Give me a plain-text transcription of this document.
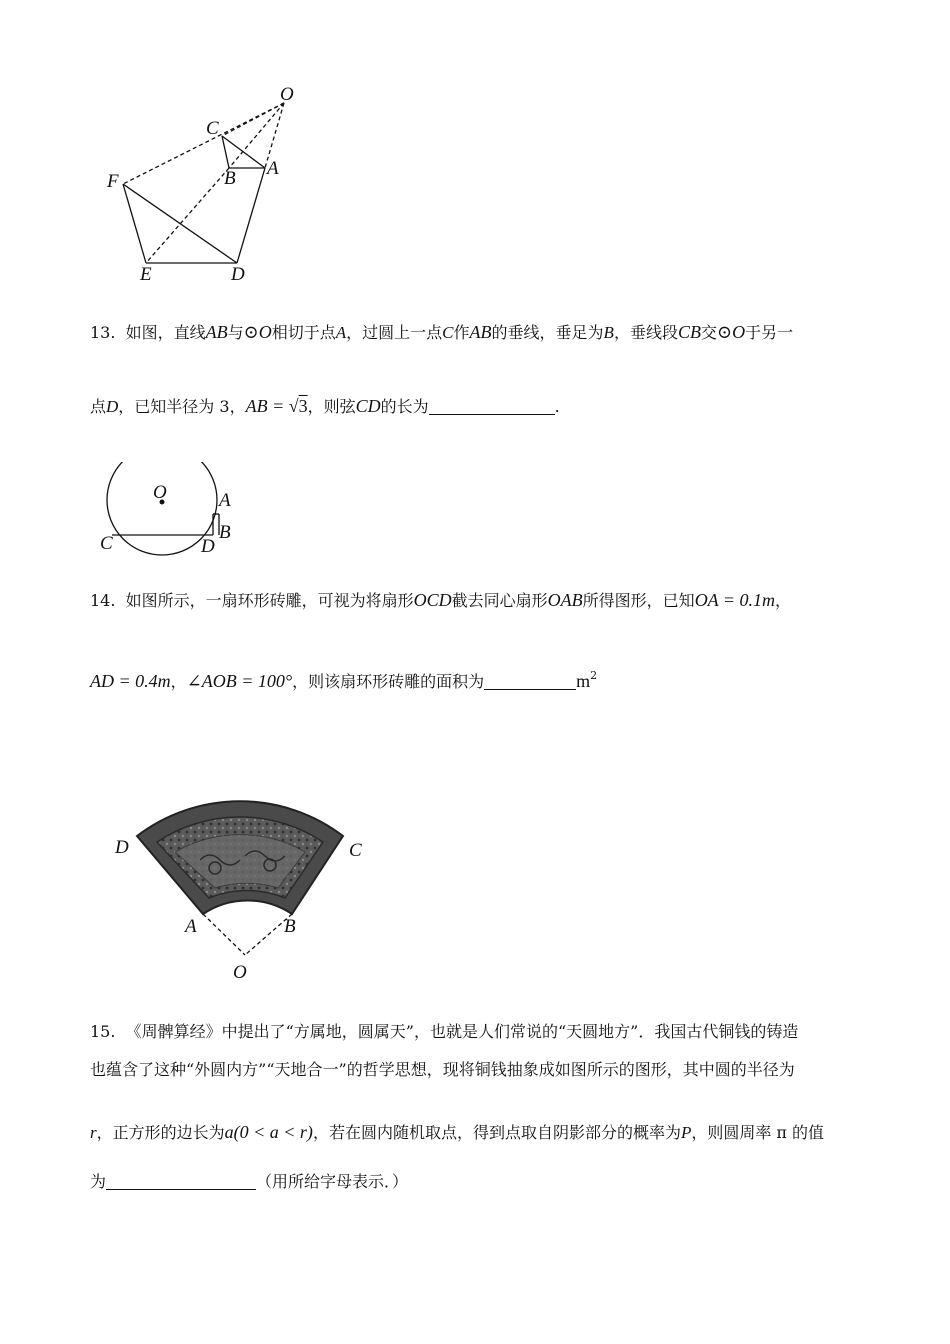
O
C
B A
F
E	D
13. 如图，直线AB与⊙O相切于点A，过圆上一点C作AB的垂线，垂足为B，垂线段CB交⊙O于另一
点D，已知半径为 3，AB = √3，则弦CD的长为	.
O	A
B
C	D
14. 如图所示，一扇环形砖雕，可视为将扇形OCD截去同心扇形OAB所得图形，已知OA = 0.1m，
AD = 0.4m，∠AOB = 100°，则该扇环形砖雕的面积为	$m^2$
D	C
A	B
O
15. 《周髀算经》中提出了“方属地，圆属天”，也就是人们常说的“天圆地方”．我国古代铜钱的铸造
也蕴含了这种“外圆内方”“天地合一”的哲学思想，现将铜钱抽象成如图所示的图形，其中圆的半径为
r，正方形的边长为a(0 < a < r)，若在圆内随机取点，得到点取自阴影部分的概率为P，则圆周率 π 的值
为	（用所给字母表示．）
